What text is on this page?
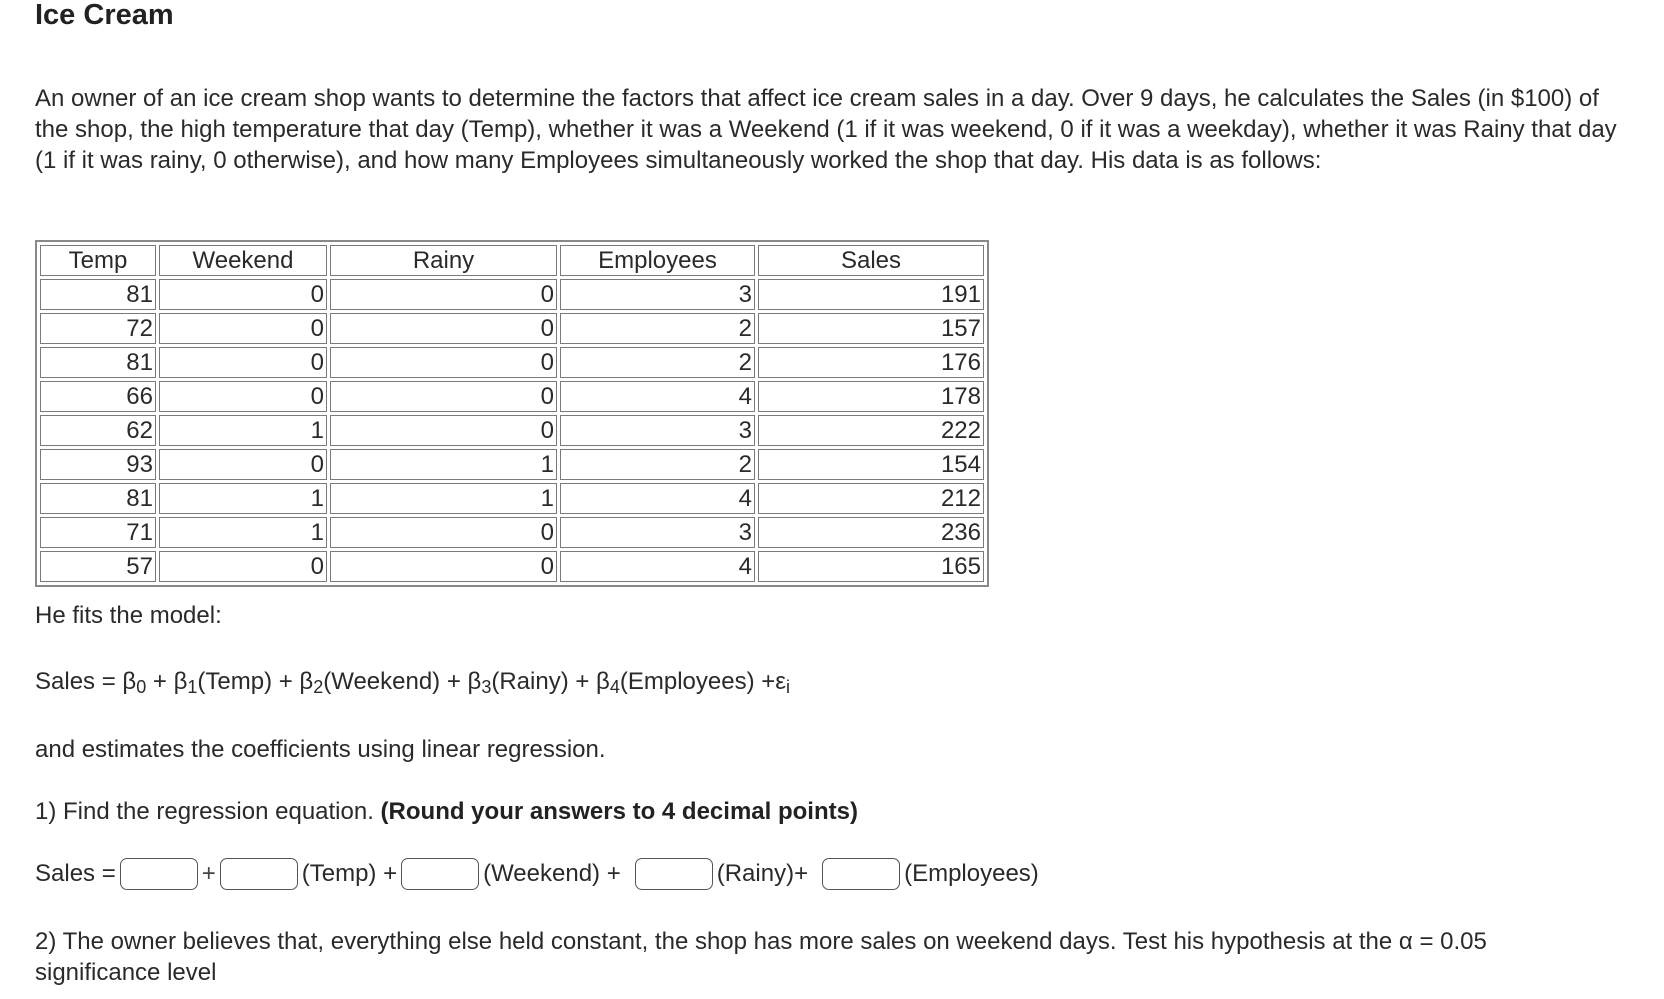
Ice Cream

An owner of an ice cream shop wants to determine the factors that affect ice cream sales in a day. Over 9 days, he calculates the Sales (in $100) of the shop, the high temperature that day (Temp), whether it was a Weekend (1 if it was weekend, 0 if it was a weekday), whether it was Rainy that day (1 if it was rainy, 0 otherwise), and how many Employees simultaneously worked the shop that day. His data is as follows:

Temp	Weekend	Rainy	Employees	Sales
81	0	0	3	191
72	0	0	2	157
81	0	0	2	176
66	0	0	4	178
62	1	0	3	222
93	0	1	2	154
81	1	1	4	212
71	1	0	3	236
57	0	0	4	165

He fits the model:

Sales = $\beta_0$ + $\beta_1(Temp)$ + $\beta_2(Weekend)$ + $\beta_3(Rainy)$ + $\beta_4(Employees) +\varepsilon_i$

and estimates the coefficients using linear regression.

1) Find the regression equation. (Round your answers to 4 decimal points)

Sales =	+	(Temp) +	(Weekend) +	(Rainy)+	(Employees)

2) The owner believes that, everything else held constant, the shop has more sales on weekend days. Test his hypothesis at the α = 0.05 significance level
